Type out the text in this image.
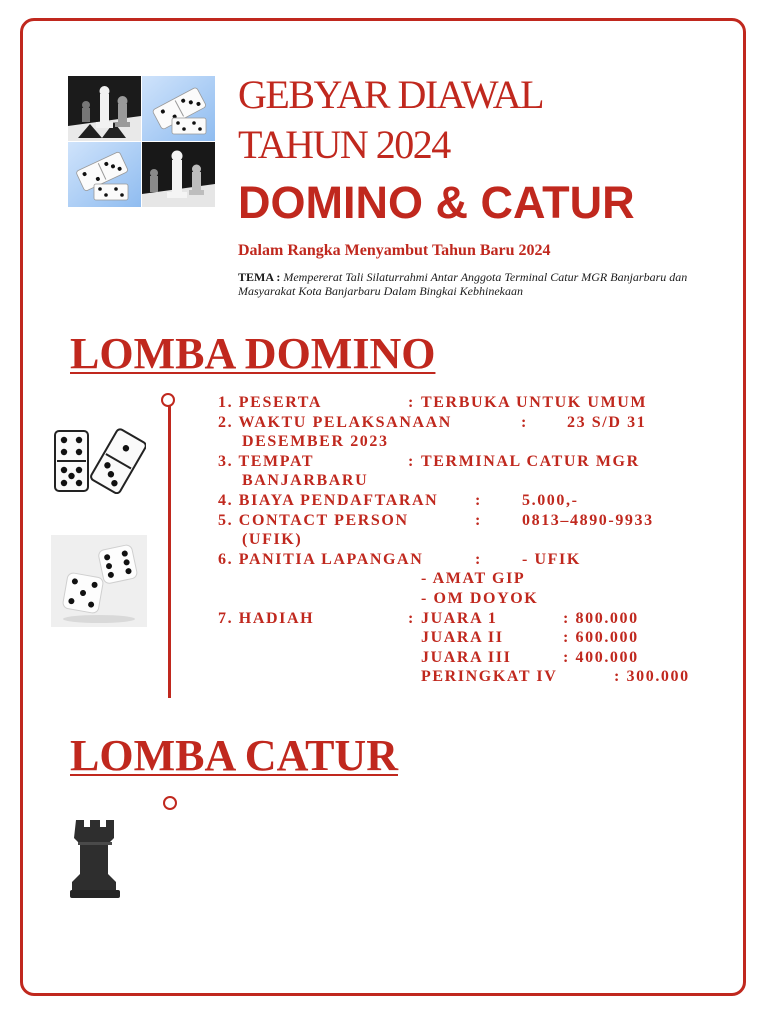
GEBYAR DIAWAL
TAHUN 2024
DOMINO & CATUR
Dalam Rangka Menyambut Tahun Baru 2024
TEMA : Mempererat Tali Silaturrahmi Antar Anggota Terminal Catur MGR Banjarbaru dan Masyarakat Kota Banjarbaru Dalam Bingkai Kebhinekaan
LOMBA DOMINO
1. PESERTA	: TERBUKA UNTUK UMUM
2. WAKTU PELAKSANAAN	: 23 S/D 31
DESEMBER 2023
3. TEMPAT	: TERMINAL CATUR MGR
BANJARBARU
4. BIAYA PENDAFTARAN :	5.000,-
5. CONTACT PERSON	:	0813–4890-9933
(UFIK)
6. PANITIA LAPANGAN	:	- UFIK
- AMAT GIP
- OM DOYOK
7. HADIAH	: JUARA 1	: 800.000
JUARA II	: 600.000
JUARA III	: 400.000
PERINGKAT IV	: 300.000
LOMBA CATUR
